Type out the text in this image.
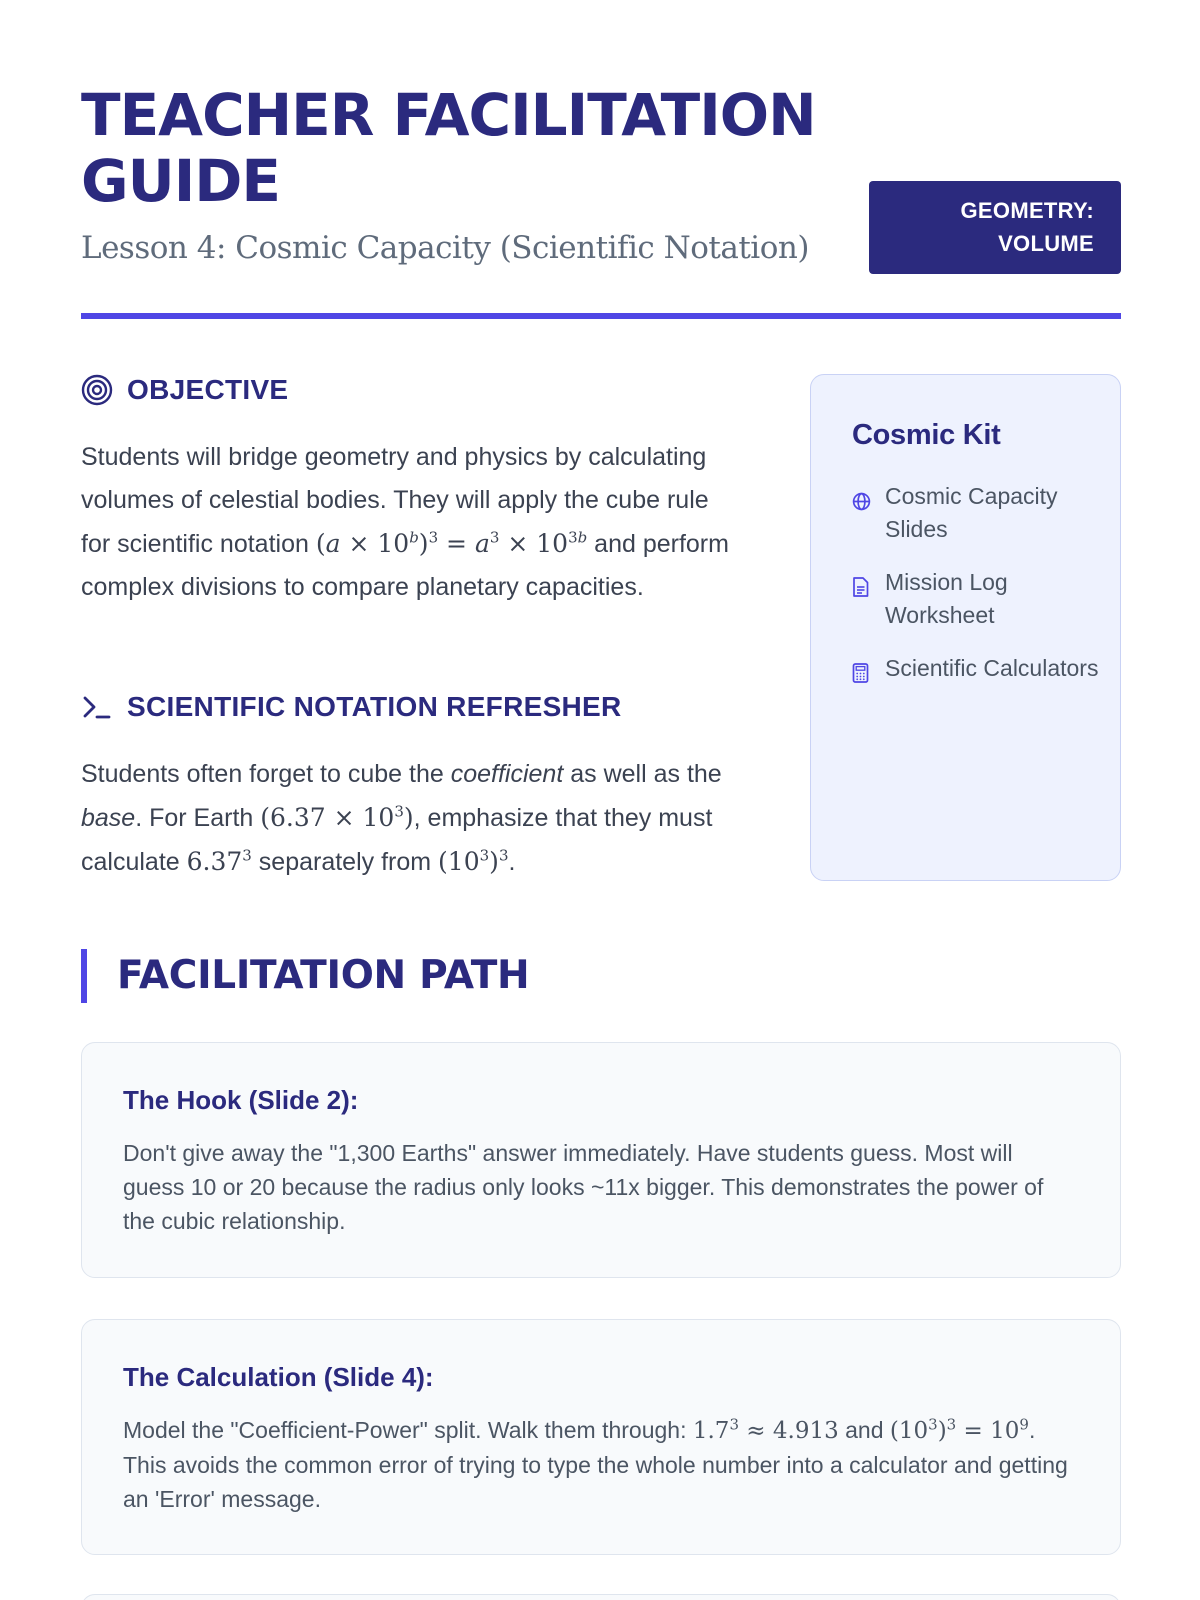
TEACHER FACILITATION GUIDE
Lesson 4: Cosmic Capacity (Scientific Notation)
GEOMETRY:
VOLUME
OBJECTIVE
Students will bridge geometry and physics by calculating volumes of celestial bodies. They will apply the cube rule for scientific notation $(a \times 10^b)^3 = a^3 \times 10^{3b}$ and perform complex divisions to compare planetary capacities.
SCIENTIFIC NOTATION REFRESHER
Students often forget to cube the coefficient as well as the base. For Earth $(6.37 \times 10^3)$, emphasize that they must calculate 6.37$^3$ separately from $(10^3)^3$.
Cosmic Kit
Cosmic Capacity Slides
Mission Log Worksheet
Scientific Calculators
FACILITATION PATH
The Hook (Slide 2):
Don't give away the "1,300 Earths" answer immediately. Have students guess. Most will guess 10 or 20 because the radius only looks ~11x bigger. This demonstrates the power of the cubic relationship.
The Calculation (Slide 4):
Model the "Coefficient-Power" split. Walk them through: $1.7^3 \approx 4.913$ and $(10^3)^3 = 10^9$. This avoids the common error of trying to type the whole number into a calculator and getting an 'Error' message.
